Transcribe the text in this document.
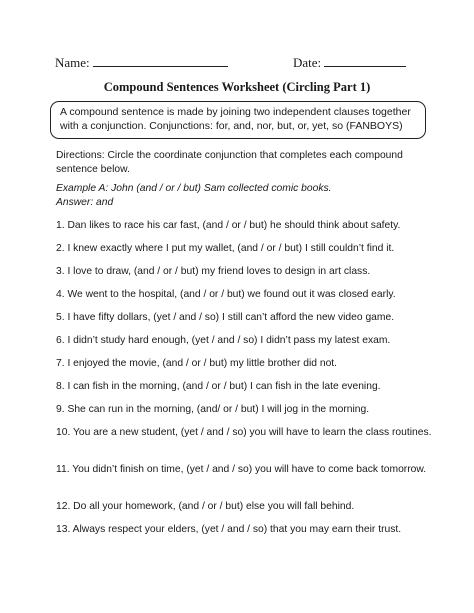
Name:	Date:
Compound Sentences Worksheet (Circling Part 1)
A compound sentence is made by joining two independent clauses together with a conjunction. Conjunctions: for, and, nor, but, or, yet, so (FANBOYS)
Directions: Circle the coordinate conjunction that completes each compound sentence below.
Example A: John (and / or / but) Sam collected comic books.
Answer: and
1. Dan likes to race his car fast, (and / or / but) he should think about safety.
2. I knew exactly where I put my wallet, (and / or / but) I still couldn’t find it.
3. I love to draw, (and / or / but) my friend loves to design in art class.
4. We went to the hospital, (and / or / but) we found out it was closed early.
5. I have fifty dollars, (yet / and / so) I still can’t afford the new video game.
6. I didn’t study hard enough, (yet / and / so) I didn’t pass my latest exam.
7. I enjoyed the movie, (and / or / but) my little brother did not.
8. I can fish in the morning, (and / or / but) I can fish in the late evening.
9. She can run in the morning, (and/ or / but) I will jog in the morning.
10. You are a new student, (yet / and / so) you will have to learn the class routines.
11. You didn’t finish on time, (yet / and / so) you will have to come back tomorrow.
12. Do all your homework, (and / or / but) else you will fall behind.
13. Always respect your elders, (yet / and / so) that you may earn their trust.
